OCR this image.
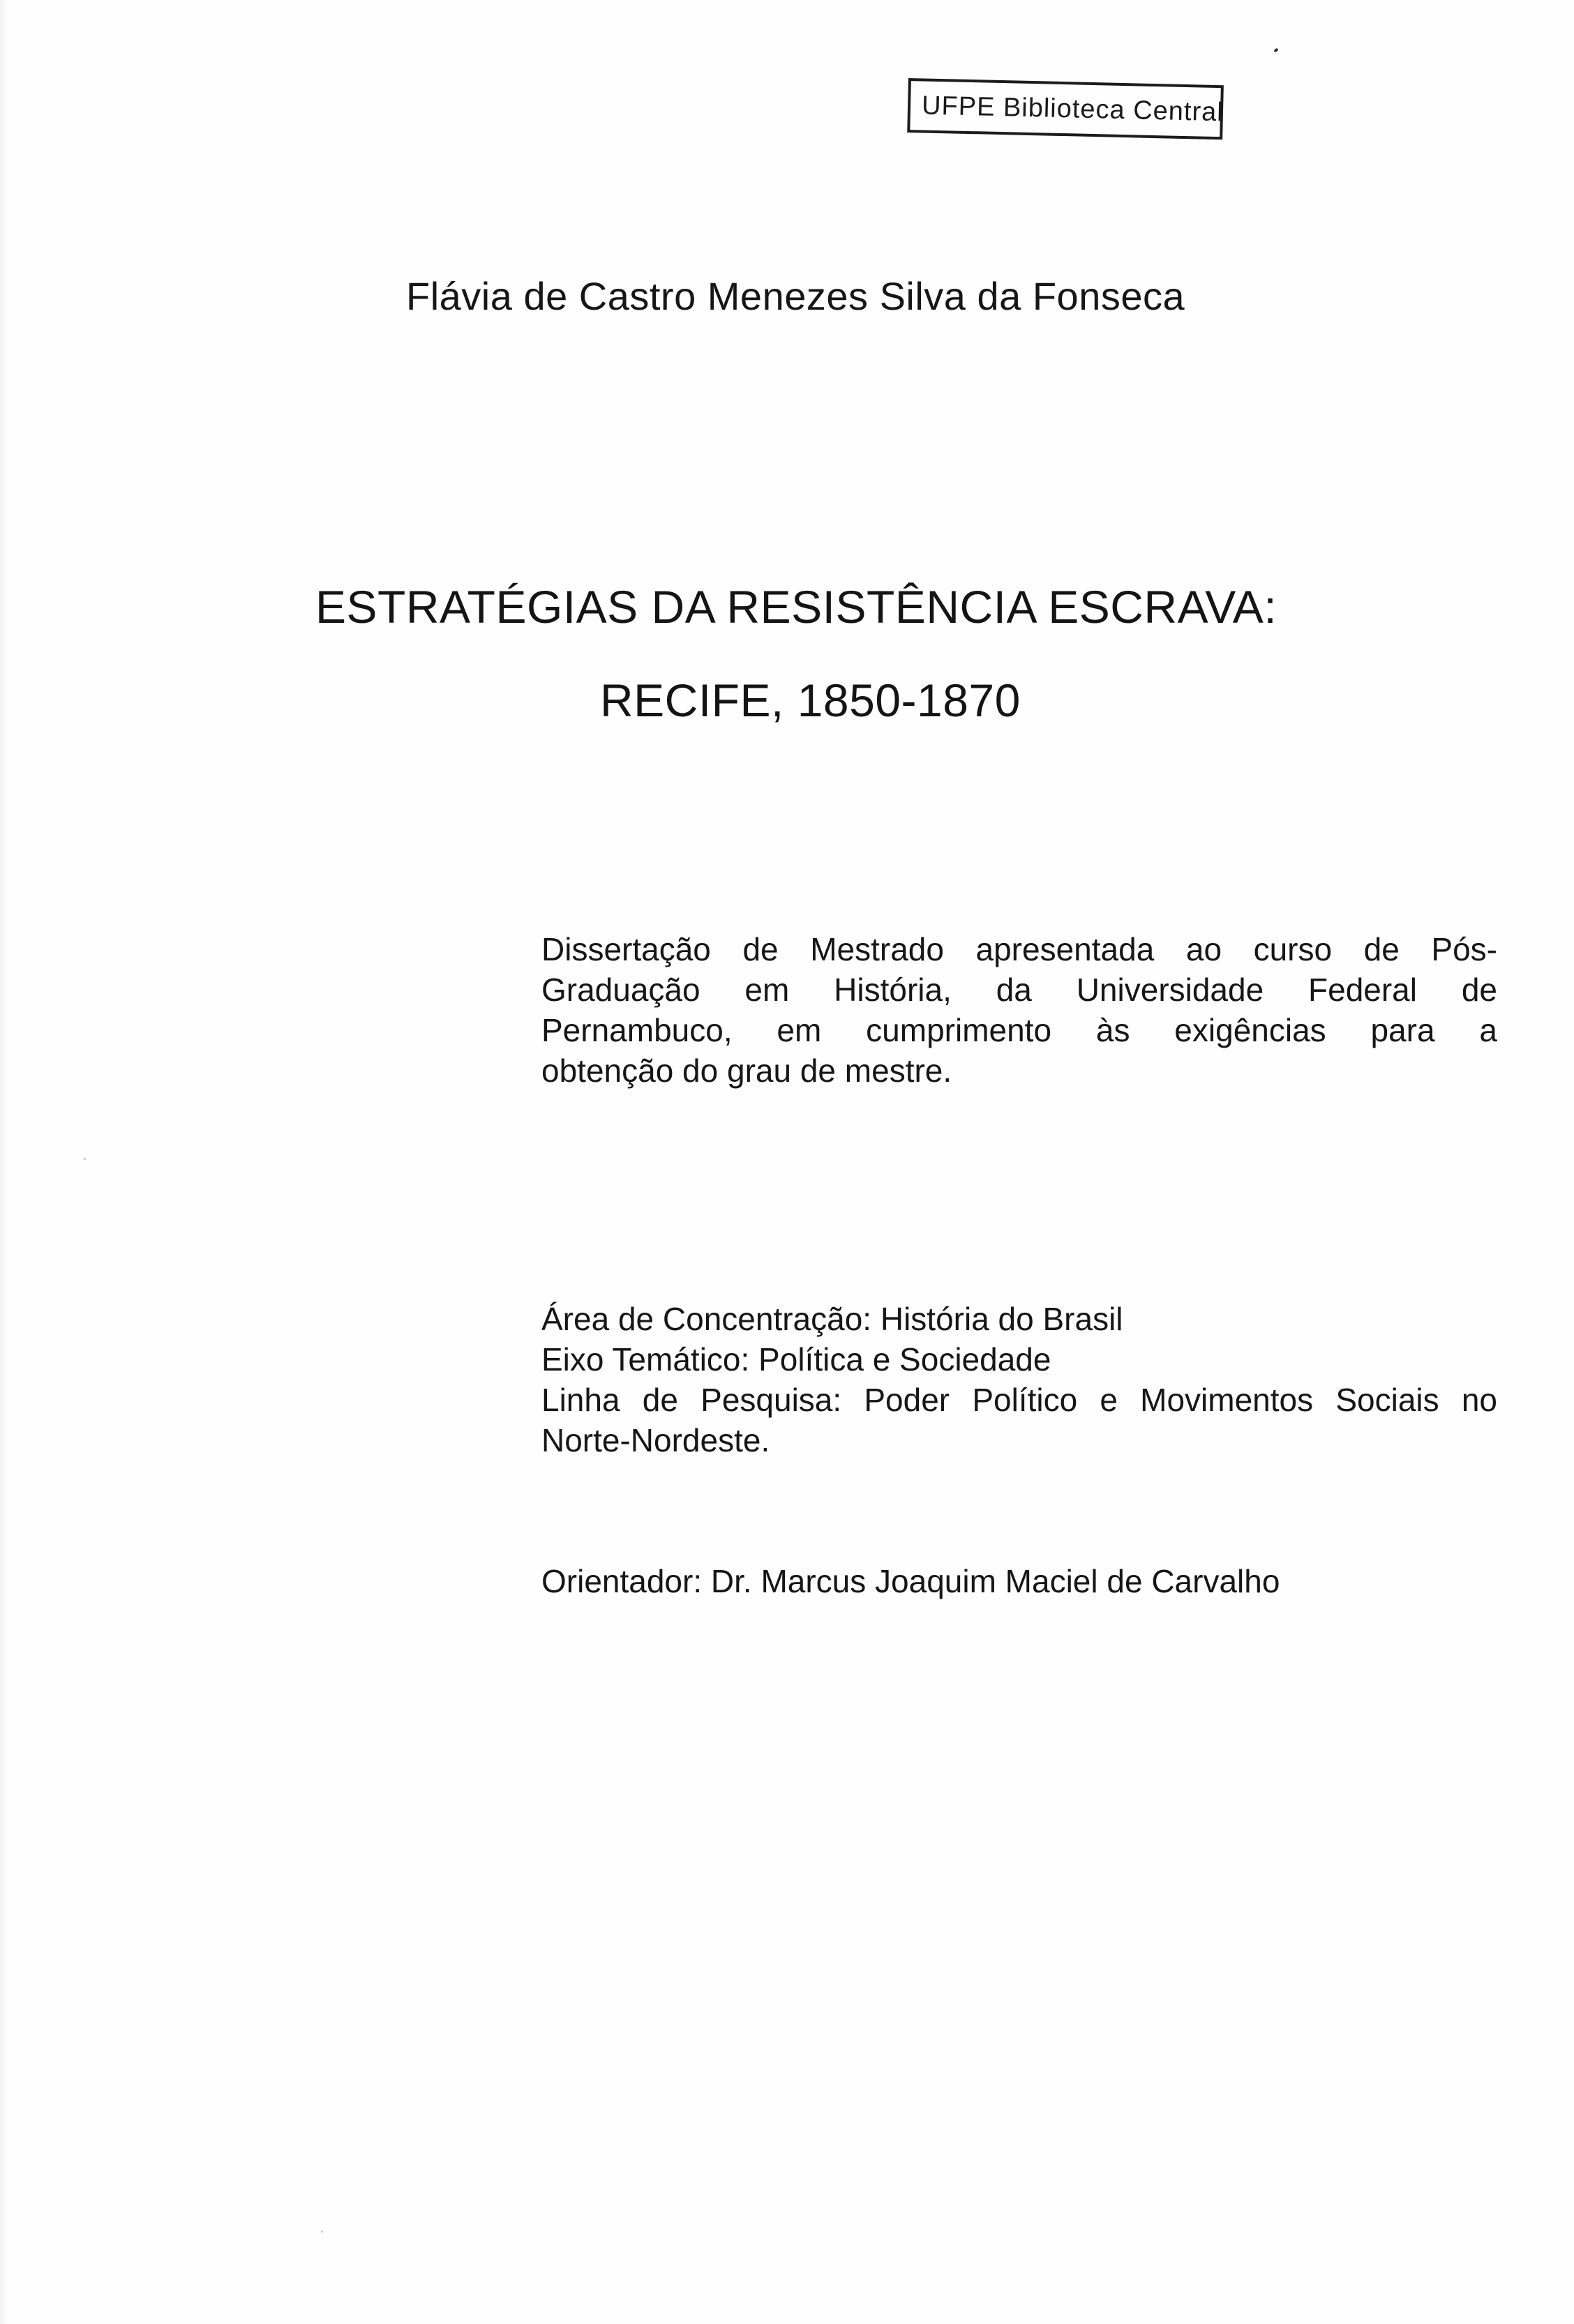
UFPE Biblioteca Central
Flávia de Castro Menezes Silva da Fonseca
ESTRATÉGIAS DA RESISTÊNCIA ESCRAVA:
RECIFE, 1850-1870
Dissertação de Mestrado apresentada ao curso de Pós-
Graduação em História, da Universidade Federal de
Pernambuco, em cumprimento às exigências para a
obtenção do grau de mestre.
Área de Concentração: História do Brasil
Eixo Temático: Política e Sociedade
Linha de Pesquisa: Poder Político e Movimentos Sociais no
Norte-Nordeste.
Orientador: Dr. Marcus Joaquim Maciel de Carvalho
